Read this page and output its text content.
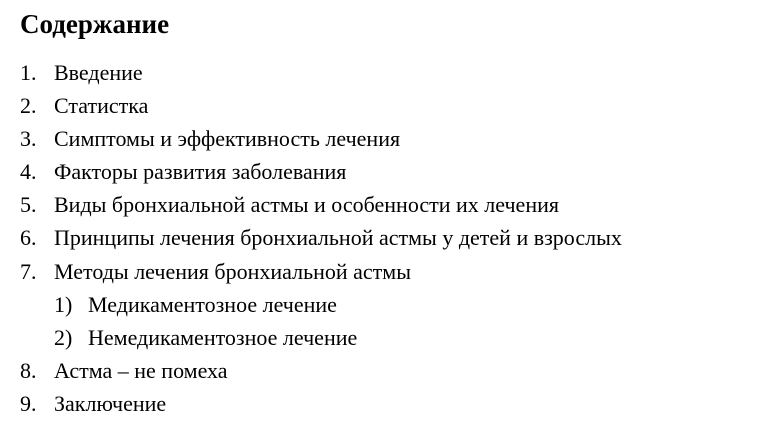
Содержание
1. Введение
2. Статистка
3. Симптомы и эффективность лечения
4. Факторы развития заболевания
5. Виды бронхиальной астмы и особенности их лечения
6. Принципы лечения бронхиальной астмы у детей и взрослых
7. Методы лечения бронхиальной астмы
1) Медикаментозное лечение
2) Немедикаментозное лечение
8. Астма – не помеха
9. Заключение
